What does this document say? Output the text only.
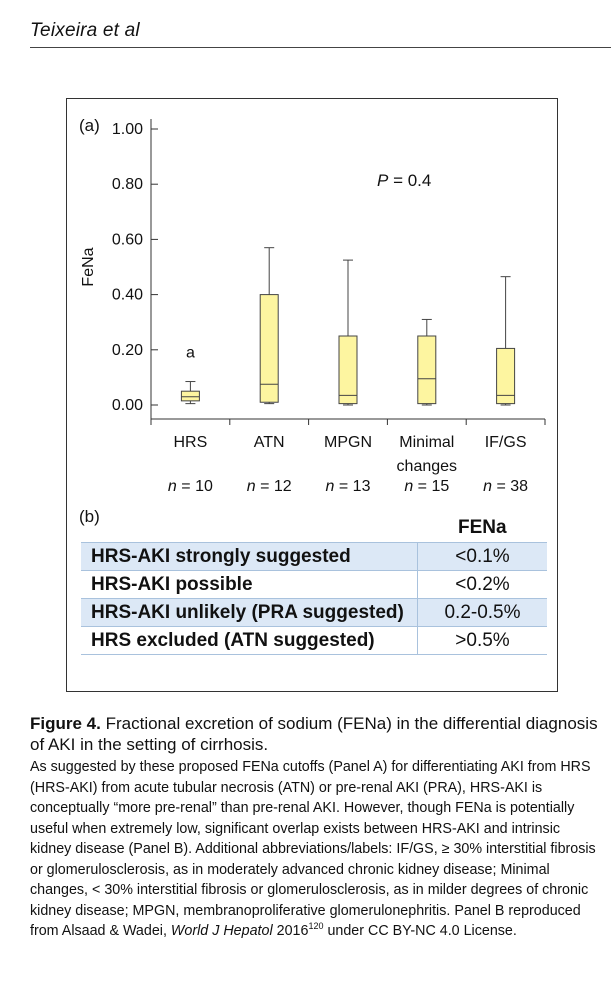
Teixeira et al
(a)
0.00
0.20
0.40
0.60
0.80
1.00
FeNa
HRS
n = 10
ATN
n = 12
MPGN
n = 13
Minimal
changes
n = 15
IF/GS
n = 38
a
P = 0.4
(b)
FENa
HRS-AKI strongly suggested	<0.1%
HRS-AKI possible	<0.2%
HRS-AKI unlikely (PRA suggested)	0.2-0.5%
HRS excluded (ATN suggested)	>0.5%

Figure 4. Fractional excretion of sodium (FENa) in the differential diagnosis of AKI in the setting of cirrhosis.

As suggested by these proposed FENa cutoffs (Panel A) for differentiating AKI from HRS (HRS-AKI) from acute tubular necrosis (ATN) or pre-renal AKI (PRA), HRS-AKI is conceptually “more pre-renal” than pre-renal AKI. However, though FENa is potentially useful when extremely low, significant overlap exists between HRS-AKI and intrinsic kidney disease (Panel B). Additional abbreviations/labels: IF/GS, ≥ 30% interstitial fibrosis or glomerulosclerosis, as in moderately advanced chronic kidney disease; Minimal changes, < 30% interstitial fibrosis or glomerulosclerosis, as in milder degrees of chronic kidney disease; MPGN, membranoproliferative glomerulonephritis. Panel B reproduced from Alsaad & Wadei, World J Hepatol 2016$^{120}$ under CC BY-NC 4.0 License.
